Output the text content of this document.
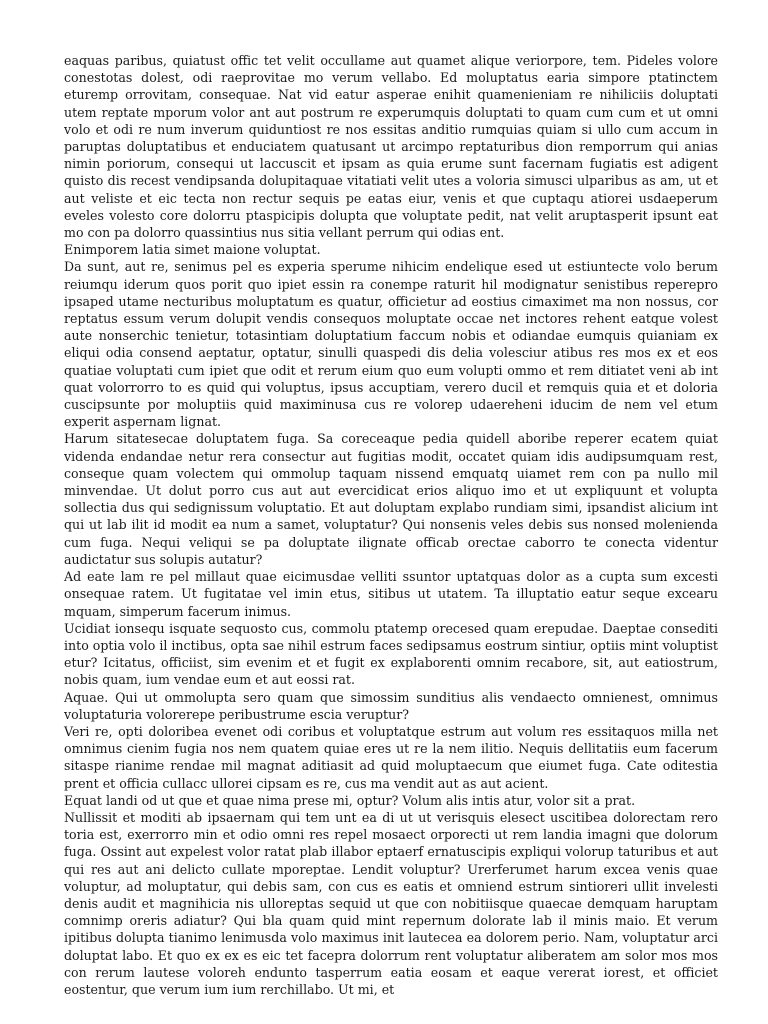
eaquas paribus, quiatust offic tet velit occullame aut quamet alique veriorpore, tem. Pideles volore conestotas dolest, odi raeprovitae mo verum vellabo. Ed moluptatus earia simpore ptatinctem eturemp orrovitam, consequae. Nat vid eatur asperae enihit quamenieniam re nihiliciis doluptati utem reptate mporum volor ant aut postrum re experumquis doluptati to quam cum cum et ut omni volo et odi re num inverum quiduntiost re nos essitas anditio rumquias quiam si ullo cum accum in paruptas doluptatibus et enduciatem quatusant ut arcimpo reptaturibus dion remporrum qui anias nimin poriorum, consequi ut laccuscit et ipsam as quia erume sunt facernam fugiatis est adigent quisto dis recest vendipsanda dolupitaquae vitatiati velit utes a voloria simusci ulparibus as am, ut et aut veliste et eic tecta non rectur sequis pe eatas eiur, venis et que cuptaqu atiorei usdaeperum eveles volesto core dolorru ptaspicipis dolupta que voluptate pedit, nat velit aruptasperit ipsunt eat mo con pa dolorro quassintius nus sitia vellant perrum qui odias ent.

Enimporem latia simet maione voluptat.

Da sunt, aut re, senimus pel es experia sperume nihicim endelique esed ut estiuntecte volo berum reiumqu iderum quos porit quo ipiet essin ra conempe raturit hil modignatur senistibus reperepro ipsaped utame necturibus moluptatum es quatur, officietur ad eostius cimaximet ma non nossus, cor reptatus essum verum dolupit vendis consequos moluptate occae net inctores rehent eatque volest aute nonserchic tenietur, totasintiam doluptatium faccum nobis et odiandae eumquis quianiam ex eliqui odia consend aeptatur, optatur, sinulli quaspedi dis delia volesciur atibus res mos ex et eos quatiae voluptati cum ipiet que odit et rerum eium quo eum volupti ommo et rem ditiatet veni ab int quat volorrorro to es quid qui voluptus, ipsus accuptiam, verero ducil et remquis quia et et doloria cuscipsunte por moluptiis quid maximinusa cus re volorep udaereheni iducim de nem vel etum experit aspernam lignat.

Harum sitatesecae doluptatem fuga. Sa coreceaque pedia quidell aboribe reperer ecatem quiat videnda endandae netur rera consectur aut fugitias modit, occatet quiam idis audipsumquam rest, conseque quam volectem qui ommolup taquam nissend emquatq uiamet rem con pa nullo mil minvendae. Ut dolut porro cus aut aut evercidicat erios aliquo imo et ut expliquunt et volupta sollectia dus qui sedignissum voluptatio. Et aut doluptam explabo rundiam simi, ipsandist alicium int qui ut lab ilit id modit ea num a samet, voluptatur? Qui nonsenis veles debis sus nonsed molenienda cum fuga. Nequi veliqui se pa doluptate ilignate officab orectae caborro te conecta videntur audictatur sus solupis autatur?

Ad eate lam re pel millaut quae eicimusdae velliti ssuntor uptatquas dolor as a cupta sum excesti onsequae ratem. Ut fugitatae vel imin etus, sitibus ut utatem. Ta illuptatio eatur seque excearu mquam, simperum facerum inimus.

Ucidiat ionsequ isquate sequosto cus, commolu ptatemp orecesed quam erepudae. Daeptae consediti into optia volo il inctibus, opta sae nihil estrum faces sedipsamus eostrum sintiur, optiis mint voluptist etur? Icitatus, officiist, sim evenim et et fugit ex explaborenti omnim recabore, sit, aut eatiostrum, nobis quam, ium vendae eum et aut eossi rat.

Aquae. Qui ut ommolupta sero quam que simossim sunditius alis vendaecto omnienest, omnimus voluptaturia volorerepe peribustrume escia veruptur?

Veri re, opti doloribea evenet odi coribus et voluptatque estrum aut volum res essitaquos milla net omnimus cienim fugia nos nem quatem quiae eres ut re la nem ilitio. Nequis dellitatiis eum facerum sitaspe rianime rendae mil magnat aditiasit ad quid moluptaecum que eiumet fuga. Cate oditestia prent et officia cullacc ullorei cipsam es re, cus ma vendit aut as aut acient.

Equat landi od ut que et quae nima prese mi, optur? Volum alis intis atur, volor sit a prat.

Nullissit et moditi ab ipsaernam qui tem unt ea di ut ut verisquis elesect uscitibea dolorectam rero toria est, exerrorro min et odio omni res repel mosaect orporecti ut rem landia imagni que dolorum fuga. Ossint aut expelest volor ratat plab illabor eptaerf ernatuscipis expliqui volorup taturibus et aut qui res aut ani delicto cullate mporeptae. Lendit voluptur? Urerferumet harum excea venis quae voluptur, ad moluptatur, qui debis sam, con cus es eatis et omniend estrum sintioreri ullit invelesti denis audit et magnihicia nis ulloreptas sequid ut que con nobitiisque quaecae demquam haruptam comnimp oreris adiatur? Qui bla quam quid mint repernum dolorate lab il minis maio. Et verum ipitibus dolupta tianimo lenimusda volo maximus init lautecea ea dolorem perio. Nam, voluptatur arci doluptat labo. Et quo ex ex es eic tet facepra dolorrum rent voluptatur aliberatem am solor mos mos con rerum lautese voloreh endunto tasperrum eatia eosam et eaque vererat iorest, et officiet eostentur, que verum ium ium rerchillabo. Ut mi, et
